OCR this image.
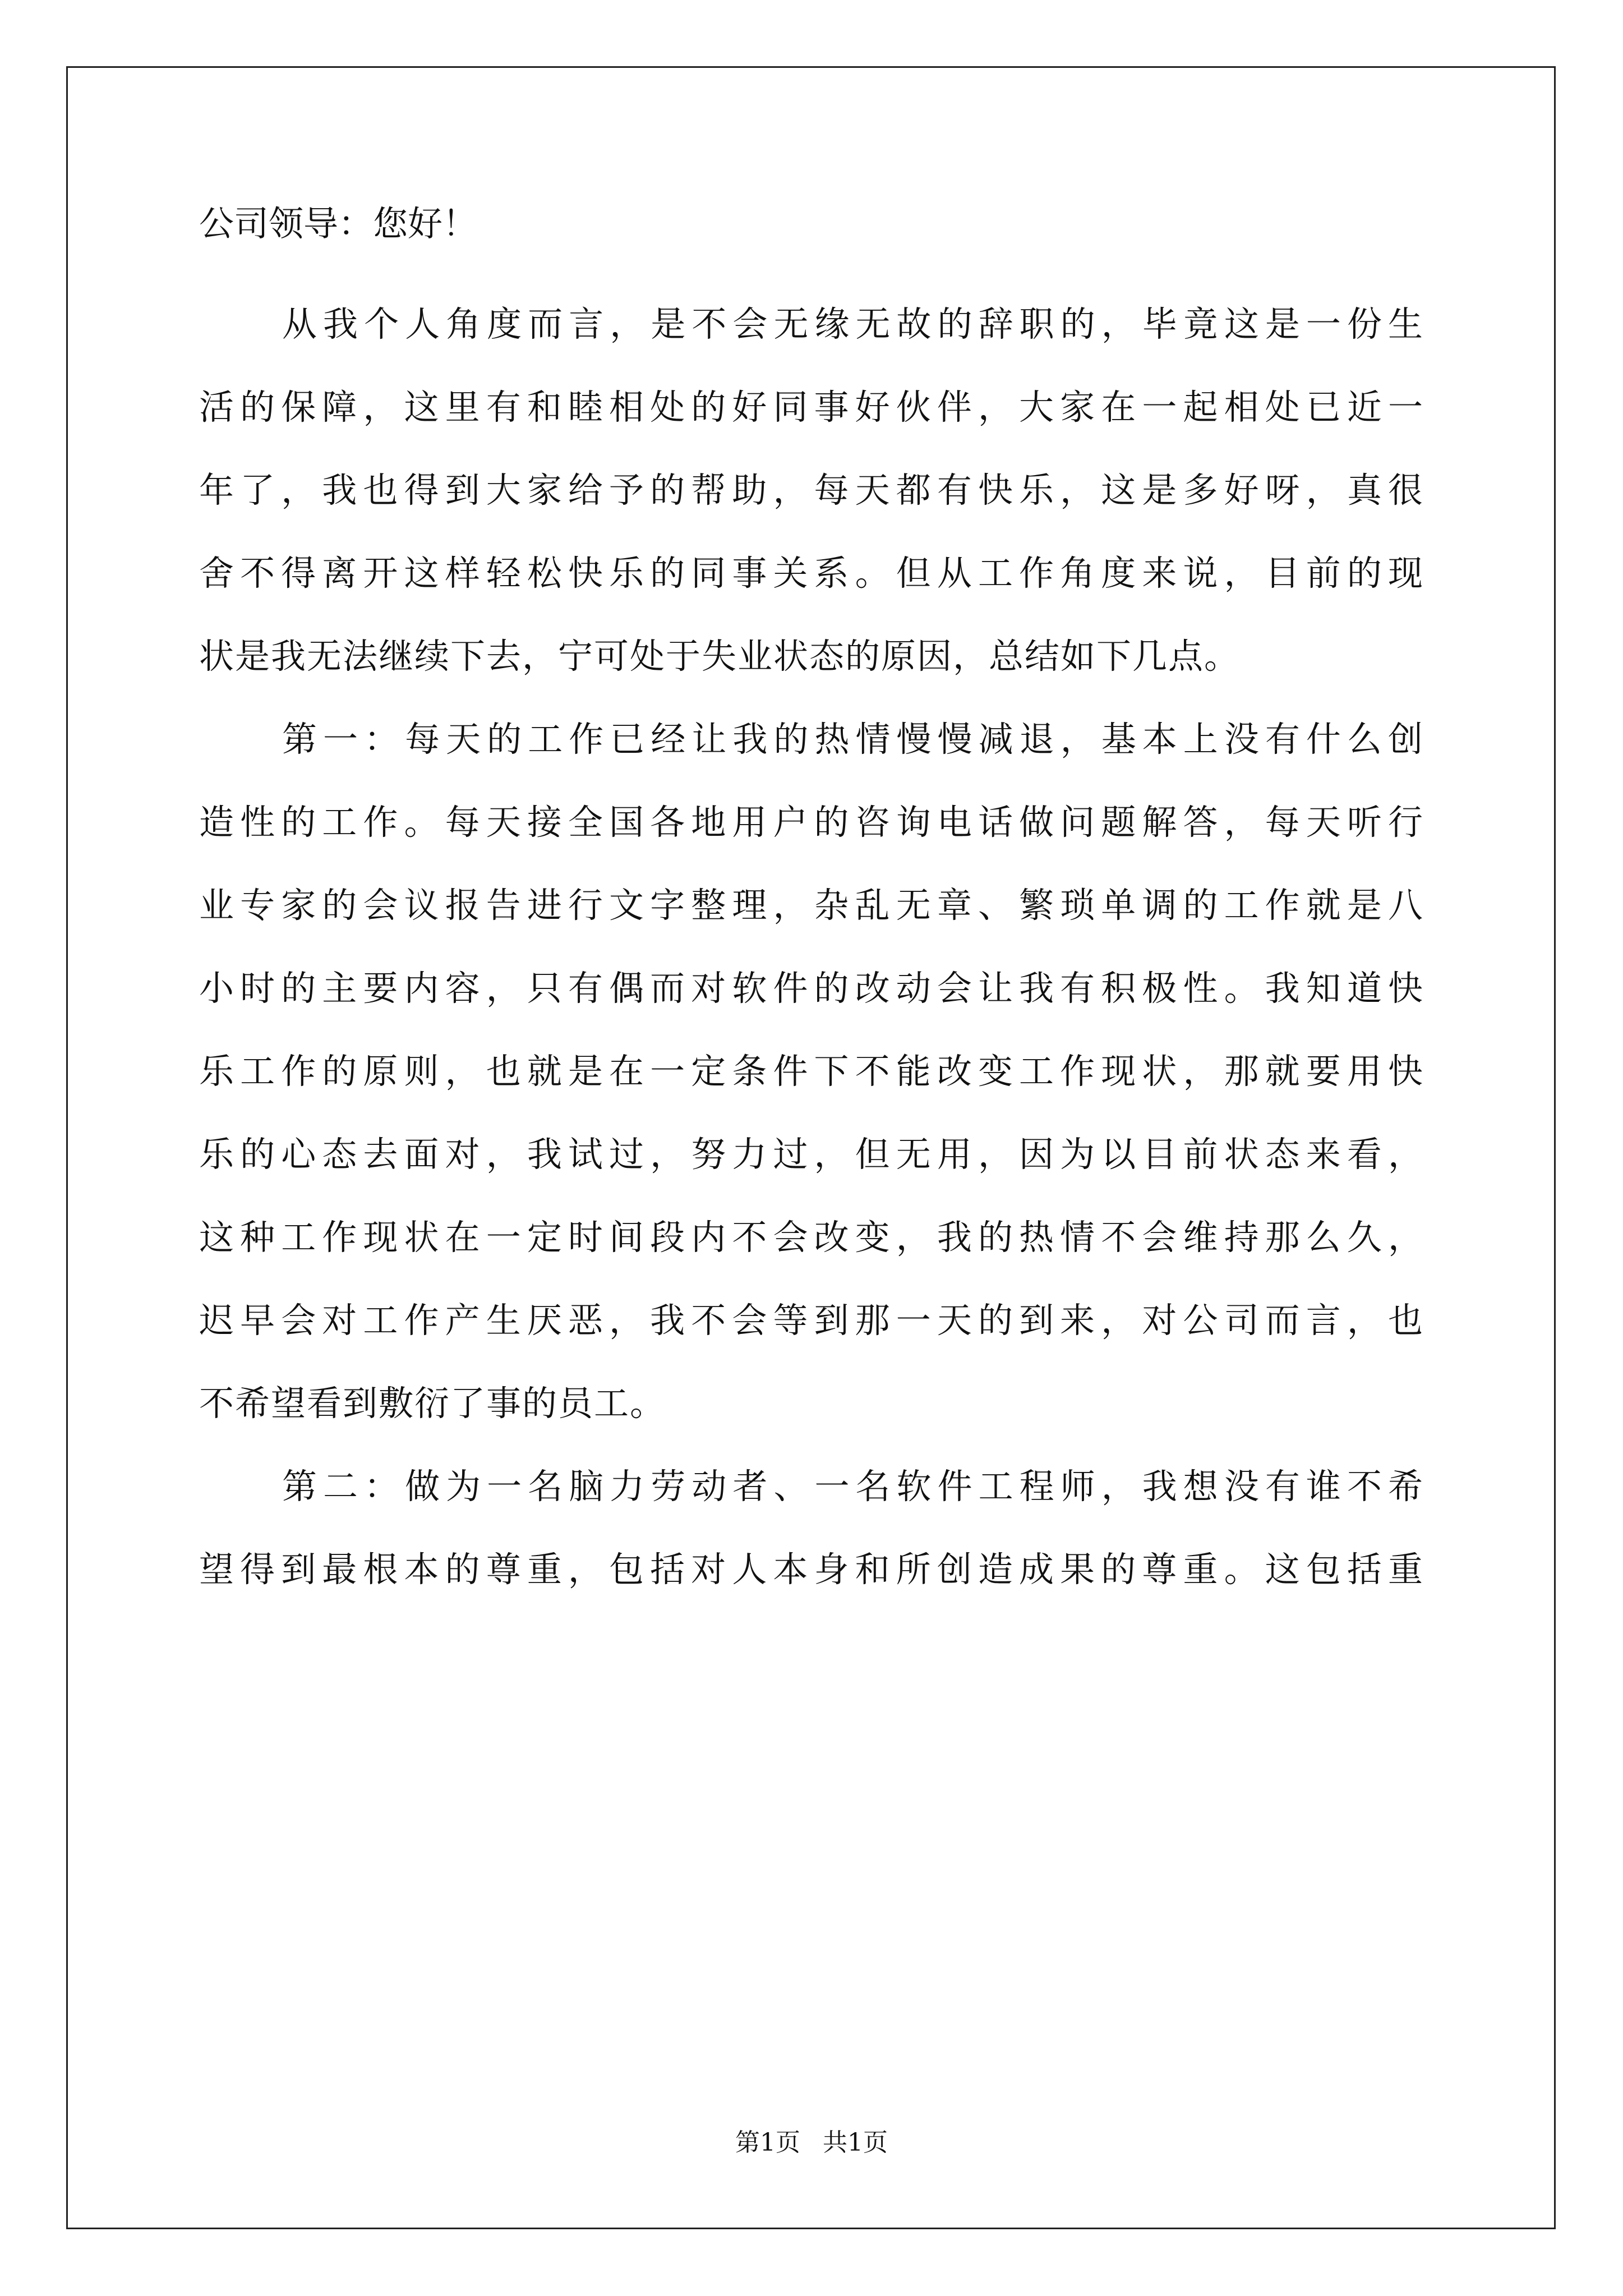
公司领导：您好！

从我个人角度而言，是不会无缘无故的辞职的，毕竟这是一份生
活的保障，这里有和睦相处的好同事好伙伴，大家在一起相处已近一
年了，我也得到大家给予的帮助，每天都有快乐，这是多好呀，真很
舍不得离开这样轻松快乐的同事关系。但从工作角度来说，目前的现
状是我无法继续下去，宁可处于失业状态的原因，总结如下几点。
第一：每天的工作已经让我的热情慢慢减退，基本上没有什么创
造性的工作。每天接全国各地用户的咨询电话做问题解答，每天听行
业专家的会议报告进行文字整理，杂乱无章、繁琐单调的工作就是八
小时的主要内容，只有偶而对软件的改动会让我有积极性。我知道快
乐工作的原则，也就是在一定条件下不能改变工作现状，那就要用快
乐的心态去面对，我试过，努力过，但无用，因为以目前状态来看，
这种工作现状在一定时间段内不会改变，我的热情不会维持那么久，
迟早会对工作产生厌恶，我不会等到那一天的到来，对公司而言，也
不希望看到敷衍了事的员工。
第二：做为一名脑力劳动者、一名软件工程师，我想没有谁不希
望得到最根本的尊重，包括对人本身和所创造成果的尊重。这包括重
第1页 共1页
